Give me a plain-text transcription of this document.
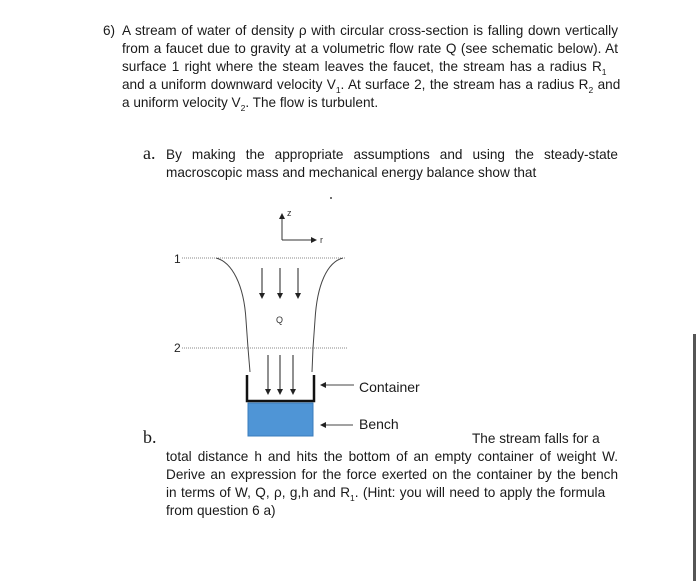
6) A stream of water of density ρ with circular cross-section is falling down vertically
from a faucet due to gravity at a volumetric flow rate Q (see schematic below). At
surface 1 right where the steam leaves the faucet, the stream has a radius $R_1$
and a uniform downward velocity $V_1$. At surface 2, the stream has a radius $R_2$ and
a uniform velocity $V_2$. The flow is turbulent.
a. By making the appropriate assumptions and using the steady-state
macroscopic mass and mechanical energy balance show that
z
r
1
2
Q
Container
Bench
b.	The stream falls for a
total distance h and hits the bottom of an empty container of weight W.
Derive an expression for the force exerted on the container by the bench
in terms of W, Q, ρ, g,h and $R_1$. (Hint: you will need to apply the formula
from question 6 a)
